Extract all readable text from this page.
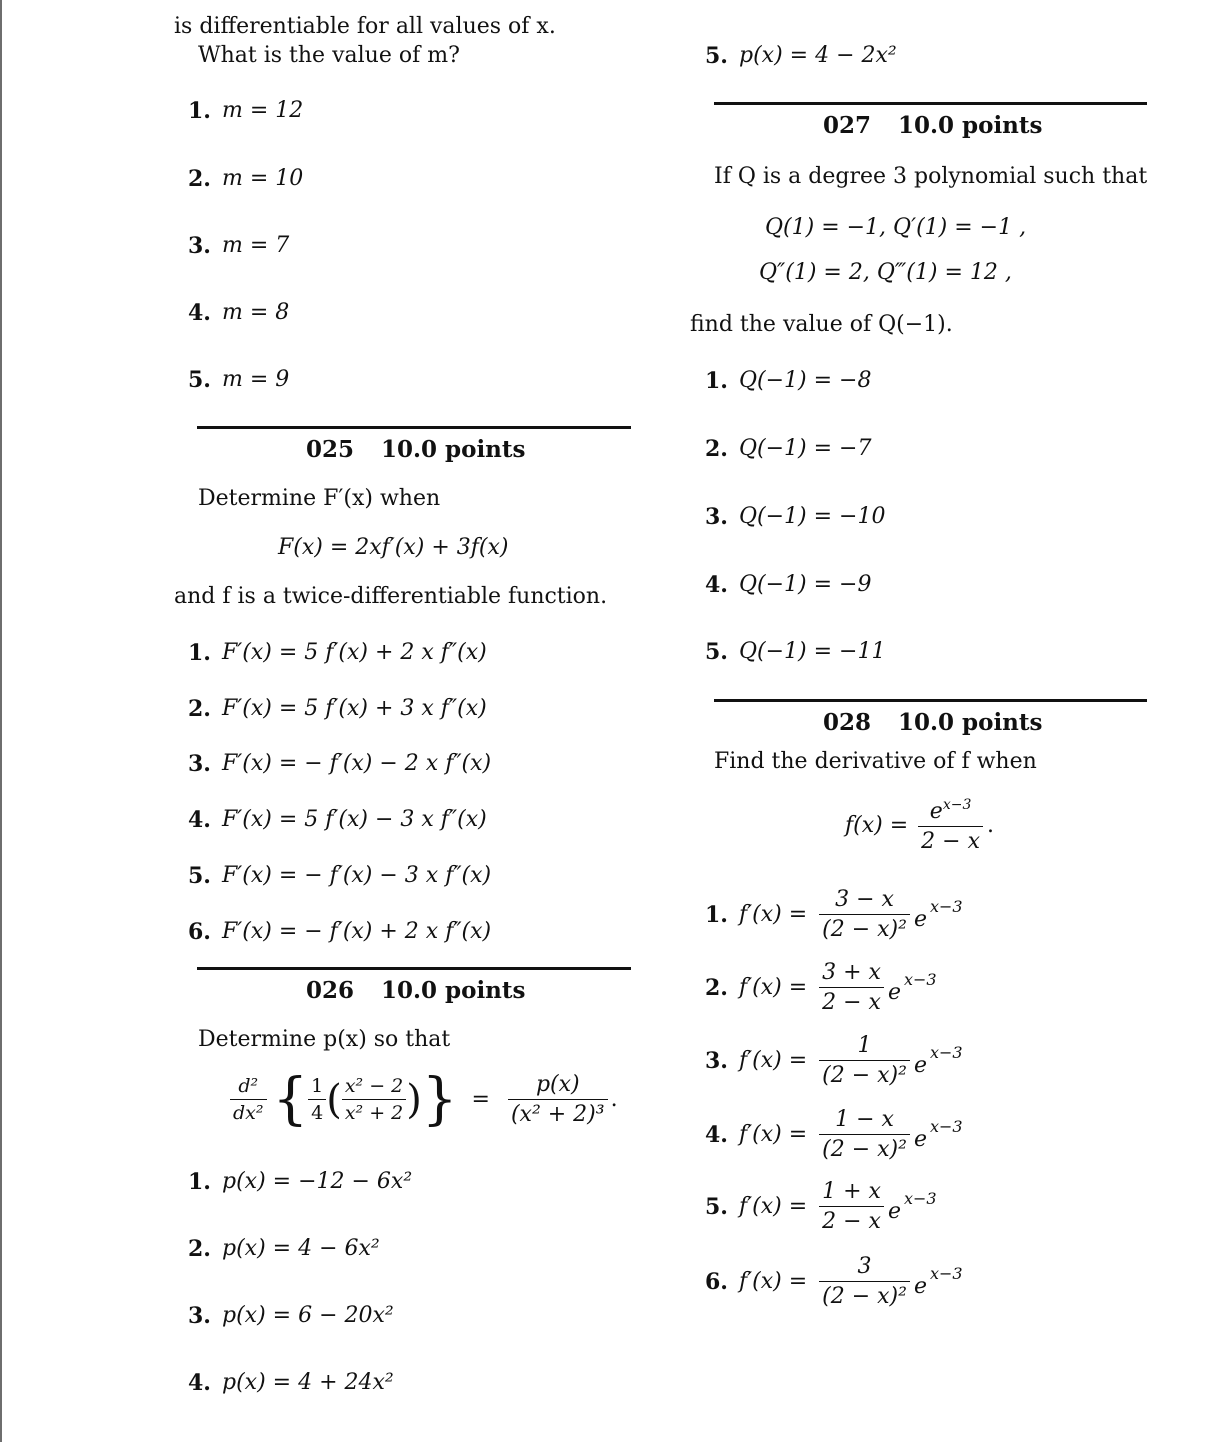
is differentiable for all values of x.
What is the value of m?
1. m = 12
2. m = 10
3. m = 7
4. m = 8
5. m = 9
025 10.0 points
Determine F′(x) when
F(x) = 2xf′(x) + 3f(x)
and f is a twice-differentiable function.
1. F′(x) = 5 f′(x) + 2 x f″(x)
2. F′(x) = 5 f′(x) + 3 x f″(x)
3. F′(x) = − f′(x) − 2 x f″(x)
4. F′(x) = 5 f′(x) − 3 x f″(x)
5. F′(x) = − f′(x) − 3 x f″(x)
6. F′(x) = − f′(x) + 2 x f″(x)
026 10.0 points
Determine p(x) so that
$\frac{\text{d²}}{\text{dx²}}$ { $\frac{1}{4}$ ( $\frac{\text{x² − 2}}{\text{x² + 2}}$ ) } = $\frac{p(x)}{\text{(x² + 2)³}}$ .
1. p(x) = −12 − 6x²
2. p(x) = 4 − 6x²
3. p(x) = 6 − 20x²
4. p(x) = 4 + 24x²
5. p(x) = 4 − 2x²
027 10.0 points
If Q is a degree 3 polynomial such that
Q(1) = −1, Q′(1) = −1 ,
Q″(1) = 2, Q‴(1) = 12 ,
find the value of Q(−1).
1. Q(−1) = −8
2. Q(−1) = −7
3. Q(−1) = −10
4. Q(−1) = −9
5. Q(−1) = −11
028 10.0 points
Find the derivative of f when
$f(x) = \frac{e^{x-3}}{2 - x}$ .
1. $f'(x) = \frac{3 - x}{\text{(2 − x)²}} ex-3$
2. $f'(x) = \frac{3 + x}{2 - x} ex-3$
3. $f'(x) = \frac{1}{\text{(2 − x)²}} ex-3$
4. $f'(x) = \frac{1 - x}{\text{(2 − x)²}} ex-3$
5. $f'(x) = \frac{1 + x}{2 - x} ex-3$
6. $f'(x) = \frac{3}{\text{(2 − x)²}} ex-3$
